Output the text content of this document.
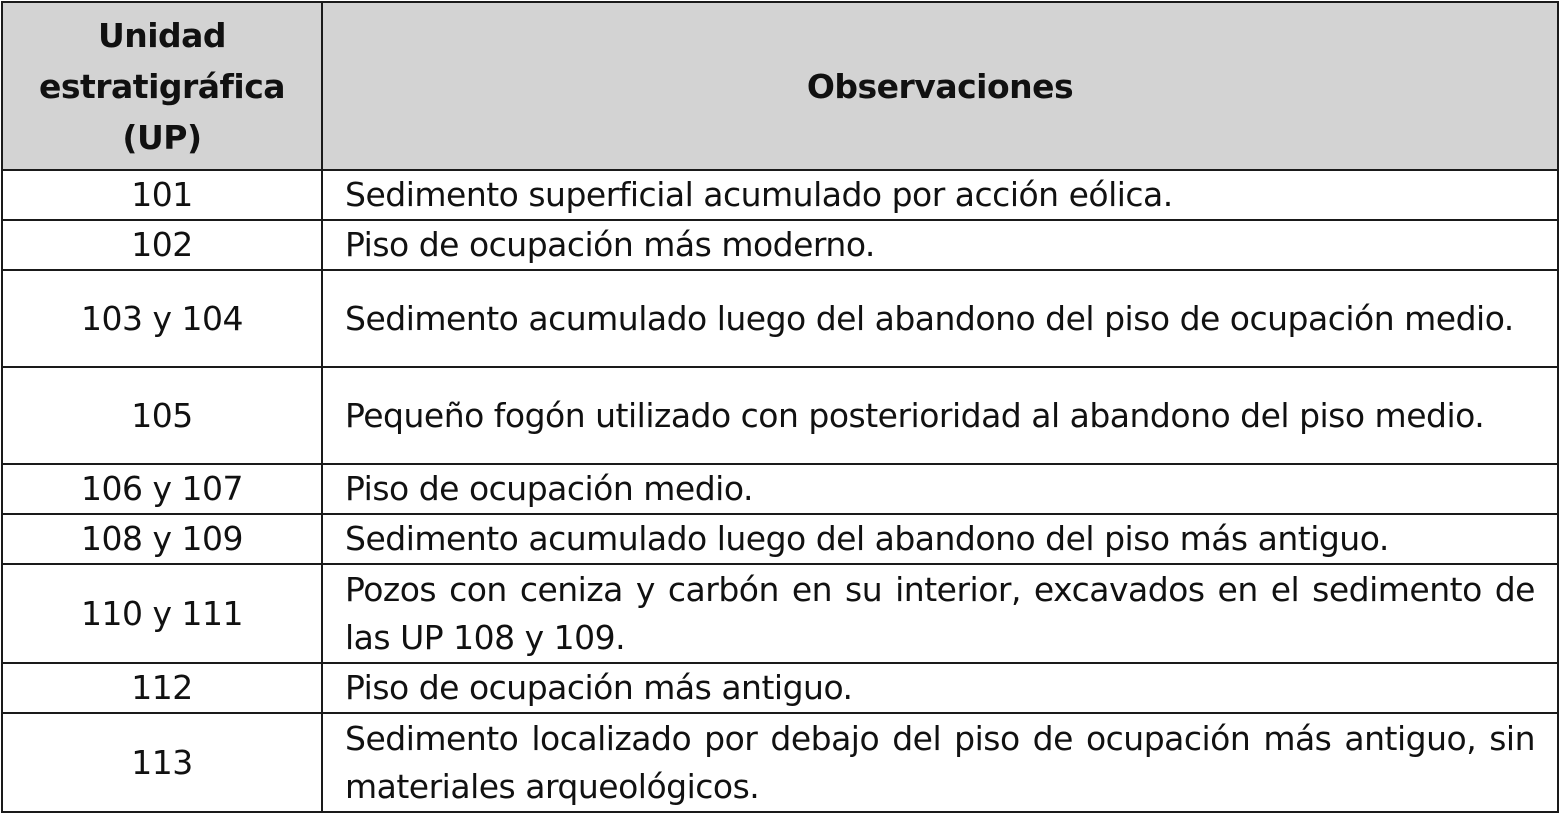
Unidad estratigráfica (UP)	Observaciones
101	Sedimento superficial acumulado por acción eólica.
102	Piso de ocupación más moderno.
103 y 104	Sedimento acumulado luego del abandono del piso de ocupación medio.
105	Pequeño fogón utilizado con posterioridad al abandono del piso medio.
106 y 107	Piso de ocupación medio.
108 y 109	Sedimento acumulado luego del abandono del piso más antiguo.
110 y 111	Pozos con ceniza y carbón en su interior, excavados en el sedimento de las UP 108 y 109.
112	Piso de ocupación más antiguo.
113	Sedimento localizado por debajo del piso de ocupación más antiguo, sin materiales arqueológicos.
